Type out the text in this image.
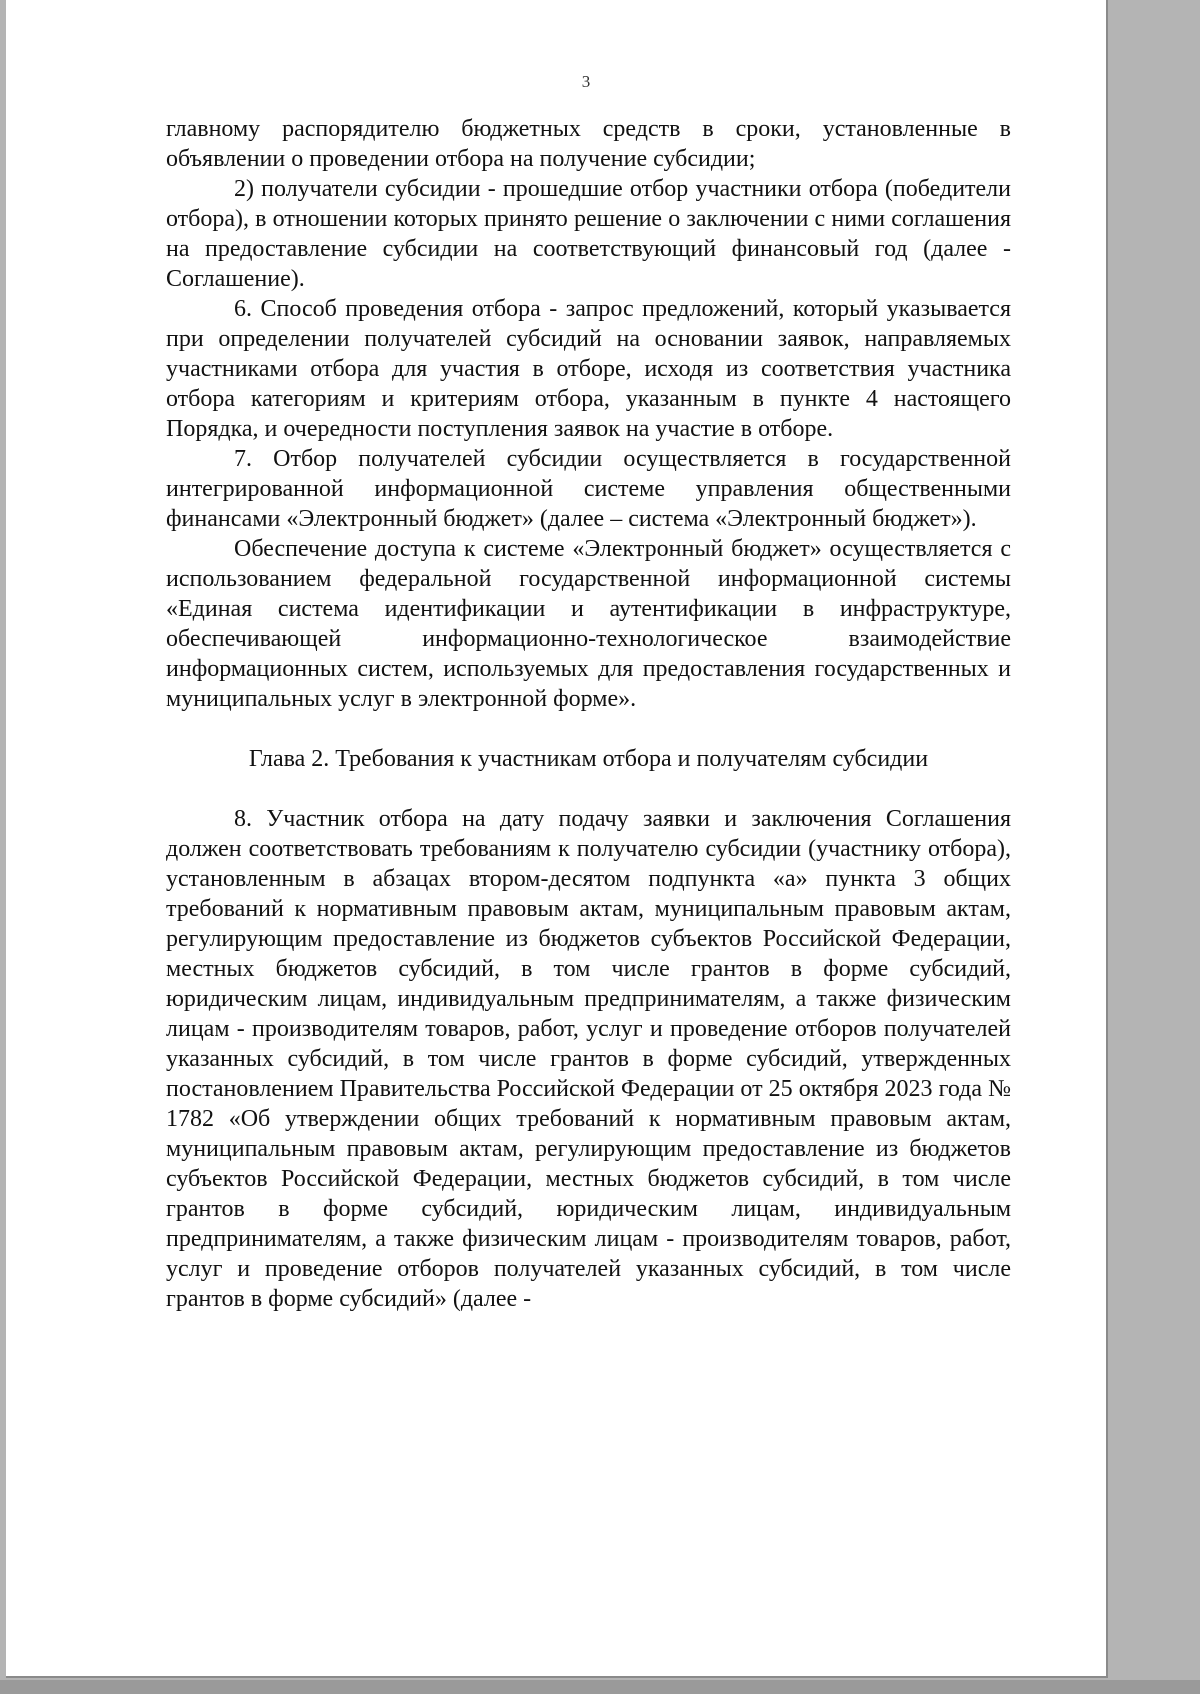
3

главному распорядителю бюджетных средств в сроки, установленные в объявлении о проведении отбора на получение субсидии;

2) получатели субсидии - прошедшие отбор участники отбора (победители отбора), в отношении которых принято решение о заключении с ними соглашения на предоставление субсидии на соответствующий финансовый год (далее - Соглашение).

6. Способ проведения отбора - запрос предложений, который указывается при определении получателей субсидий на основании заявок, направляемых участниками отбора для участия в отборе, исходя из соответствия участника отбора категориям и критериям отбора, указанным в пункте 4 настоящего Порядка, и очередности поступления заявок на участие в отборе.

7. Отбор получателей субсидии осуществляется в государственной интегрированной информационной системе управления общественными финансами «Электронный бюджет» (далее – система «Электронный бюджет»).

Обеспечение доступа к системе «Электронный бюджет» осуществляется с использованием федеральной государственной информационной системы «Единая система идентификации и аутентификации в инфраструктуре, обеспечивающей информационно-технологическое взаимодействие информационных систем, используемых для предоставления государственных и муниципальных услуг в электронной форме».

Глава 2. Требования к участникам отбора и получателям субсидии

8. Участник отбора на дату подачу заявки и заключения Соглашения должен соответствовать требованиям к получателю субсидии (участнику отбора), установленным в абзацах втором-десятом подпункта «а» пункта 3 общих требований к нормативным правовым актам, муниципальным правовым актам, регулирующим предоставление из бюджетов субъектов Российской Федерации, местных бюджетов субсидий, в том числе грантов в форме субсидий, юридическим лицам, индивидуальным предпринимателям, а также физическим лицам - производителям товаров, работ, услуг и проведение отборов получателей указанных субсидий, в том числе грантов в форме субсидий, утвержденных постановлением Правительства Российской Федерации от 25 октября 2023 года № 1782 «Об утверждении общих требований к нормативным правовым актам, муниципальным правовым актам, регулирующим предоставление из бюджетов субъектов Российской Федерации, местных бюджетов субсидий, в том числе грантов в форме субсидий, юридическим лицам, индивидуальным предпринимателям, а также физическим лицам - производителям товаров, работ, услуг и проведение отборов получателей указанных субсидий, в том числе грантов в форме субсидий» (далее -
